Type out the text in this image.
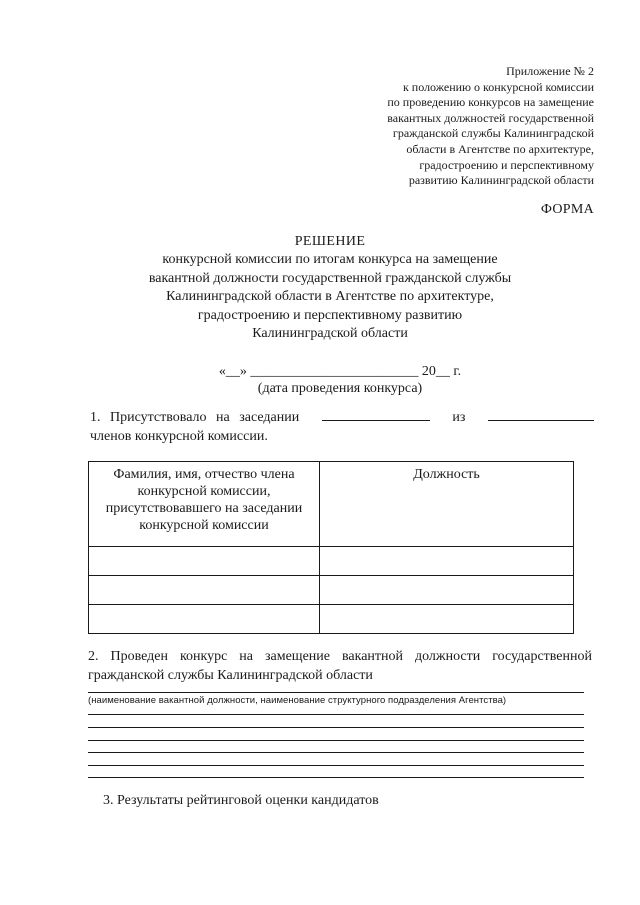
Приложение № 2
к положению о конкурсной комиссии
по проведению конкурсов на замещение
вакантных должностей государственной
гражданской службы Калининградской
области в Агентстве по архитектуре,
градостроению и перспективному
развитию Калининградской области
ФОРМА
РЕШЕНИЕ
конкурсной комиссии по итогам конкурса на замещение
вакантной должности государственной гражданской службы
Калининградской области в Агентстве по архитектуре,
градостроению и перспективному развитию
Калининградской области
«__» ________________________ 20__ г.
(дата проведения конкурса)
1. Присутствовало на заседании	из
членов конкурсной комиссии.
Фамилия, имя, отчество члена конкурсной комиссии, присутствовавшего на заседании конкурсной комиссии	Должность

2. Проведен конкурс на замещение вакантной должности государственной гражданской службы Калининградской области
(наименование вакантной должности, наименование структурного подразделения Агентства)
3. Результаты рейтинговой оценки кандидатов
